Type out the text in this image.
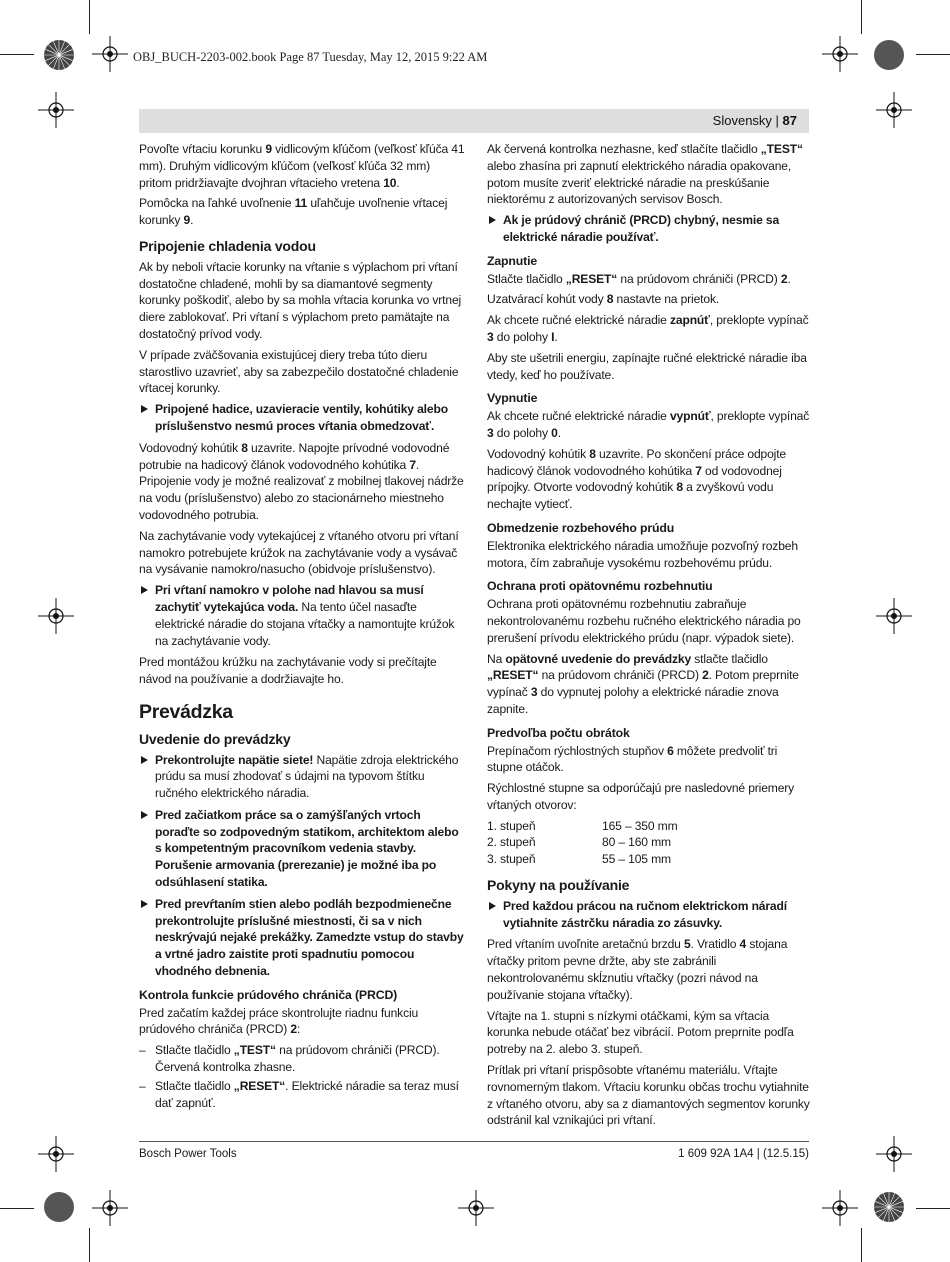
OBJ_BUCH-2203-002.book Page 87 Tuesday, May 12, 2015 9:22 AM
Slovensky | 87

Povoľte vŕtaciu korunku 9 vidlicovým kľúčom (veľkosť kľúča 41 mm). Druhým vidlicovým kľúčom (veľkosť kľúča 32 mm) pritom pridržiavajte dvojhran vŕtacieho vretena 10.

Pomôcka na ľahké uvoľnenie 11 uľahčuje uvoľnenie vŕtacej korunky 9.

Pripojenie chladenia vodou

Ak by neboli vŕtacie korunky na vŕtanie s výplachom pri vŕtaní dostatočne chladené, mohli by sa diamantové segmenty korunky poškodiť, alebo by sa mohla vŕtacia korunka vo vrtnej diere zablokovať. Pri vŕtaní s výplachom preto pamätajte na dostatočný prívod vody.

V prípade zväčšovania existujúcej diery treba túto dieru starostlivo uzavrieť, aby sa zabezpečilo dostatočné chladenie vŕtacej korunky.

Pripojené hadice, uzavieracie ventily, kohútiky alebo príslušenstvo nesmú proces vŕtania obmedzovať.

Vodovodný kohútik 8 uzavrite. Napojte prívodné vodovodné potrubie na hadicový článok vodovodného kohútika 7. Pripojenie vody je možné realizovať z mobilnej tlakovej nádrže na vodu (príslušenstvo) alebo zo stacionárneho miestneho vodovodného potrubia.

Na zachytávanie vody vytekajúcej z vŕtaného otvoru pri vŕtaní namokro potrebujete krúžok na zachytávanie vody a vysávač na vysávanie namokro/nasucho (obidvoje príslušenstvo).

Pri vŕtaní namokro v polohe nad hlavou sa musí zachytiť vytekajúca voda. Na tento účel nasaďte elektrické náradie do stojana vŕtačky a namontujte krúžok na zachytávanie vody.

Pred montážou krúžku na zachytávanie vody si prečítajte návod na používanie a dodržiavajte ho.

Prevádzka
Uvedenie do prevádzky
Prekontrolujte napätie siete! Napätie zdroja elektrického prúdu sa musí zhodovať s údajmi na typovom štítku ručného elektrického náradia.
Pred začiatkom práce sa o zamýšľaných vrtoch poraďte so zodpovedným statikom, architektom alebo s kompetentným pracovníkom vedenia stavby. Porušenie armovania (prerezanie) je možné iba po odsúhlasení statika.
Pred prevŕtaním stien alebo podláh bezpodmienečne prekontrolujte príslušné miestnosti, či sa v nich neskrývajú nejaké prekážky. Zamedzte vstup do stavby a vrtné jadro zaistite proti spadnutiu pomocou vhodného debnenia.
Kontrola funkcie prúdového chrániča (PRCD)

Pred začatím každej práce skontrolujte riadnu funkciu prúdového chrániča (PRCD) 2:

– Stlačte tlačidlo „TEST“ na prúdovom chrániči (PRCD). Červená kontrolka zhasne.
– Stlačte tlačidlo „RESET“. Elektrické náradie sa teraz musí dať zapnúť.

Ak červená kontrolka nezhasne, keď stlačíte tlačidlo „TEST“ alebo zhasína pri zapnutí elektrického náradia opakovane, potom musíte zveriť elektrické náradie na preskúšanie niektorému z autorizovaných servisov Bosch.

Ak je prúdový chránič (PRCD) chybný, nesmie sa elektrické náradie používať.
Zapnutie

Stlačte tlačidlo „RESET“ na prúdovom chrániči (PRCD) 2.

Uzatvárací kohút vody 8 nastavte na prietok.

Ak chcete ručné elektrické náradie zapnúť, preklopte vypínač 3 do polohy I.

Aby ste ušetrili energiu, zapínajte ručné elektrické náradie iba vtedy, keď ho používate.

Vypnutie

Ak chcete ručné elektrické náradie vypnúť, preklopte vypínač 3 do polohy 0.

Vodovodný kohútik 8 uzavrite. Po skončení práce odpojte hadicový článok vodovodného kohútika 7 od vodovodnej prípojky. Otvorte vodovodný kohútik 8 a zvyškovú vodu nechajte vytiecť.

Obmedzenie rozbehového prúdu

Elektronika elektrického náradia umožňuje pozvoľný rozbeh motora, čím zabraňuje vysokému rozbehovému prúdu.

Ochrana proti opätovnému rozbehnutiu

Ochrana proti opätovnému rozbehnutiu zabraňuje nekontrolovanému rozbehu ručného elektrického náradia po prerušení prívodu elektrického prúdu (napr. výpadok siete).

Na opätovné uvedenie do prevádzky stlačte tlačidlo „RESET“ na prúdovom chrániči (PRCD) 2. Potom preprnite vypínač 3 do vypnutej polohy a elektrické náradie znova zapnite.

Predvoľba počtu obrátok

Prepínačom rýchlostných stupňov 6 môžete predvoliť tri stupne otáčok.

Rýchlostné stupne sa odporúčajú pre nasledovné priemery vŕtaných otvorov:

1. stupeň	165 – 350 mm
2. stupeň	80 – 160 mm
3. stupeň	55 – 105 mm
Pokyny na používanie
Pred každou prácou na ručnom elektrickom náradí vytiahnite zástrčku náradia zo zásuvky.

Pred vŕtaním uvoľnite aretačnú brzdu 5. Vratidlo 4 stojana vŕtačky pritom pevne držte, aby ste zabránili nekontrolovanému skĺznutiu vŕtačky (pozri návod na používanie stojana vŕtačky).

Vŕtajte na 1. stupni s nízkymi otáčkami, kým sa vŕtacia korunka nebude otáčať bez vibrácií. Potom preprnite podľa potreby na 2. alebo 3. stupeň.

Prítlak pri vŕtaní prispôsobte vŕtanému materiálu. Vŕtajte rovnomerným tlakom. Vŕtaciu korunku občas trochu vytiahnite z vŕtaného otvoru, aby sa z diamantových segmentov korunky odstránil kal vznikajúci pri vŕtaní.

Bosch Power Tools	1 609 92A 1A4 | (12.5.15)
